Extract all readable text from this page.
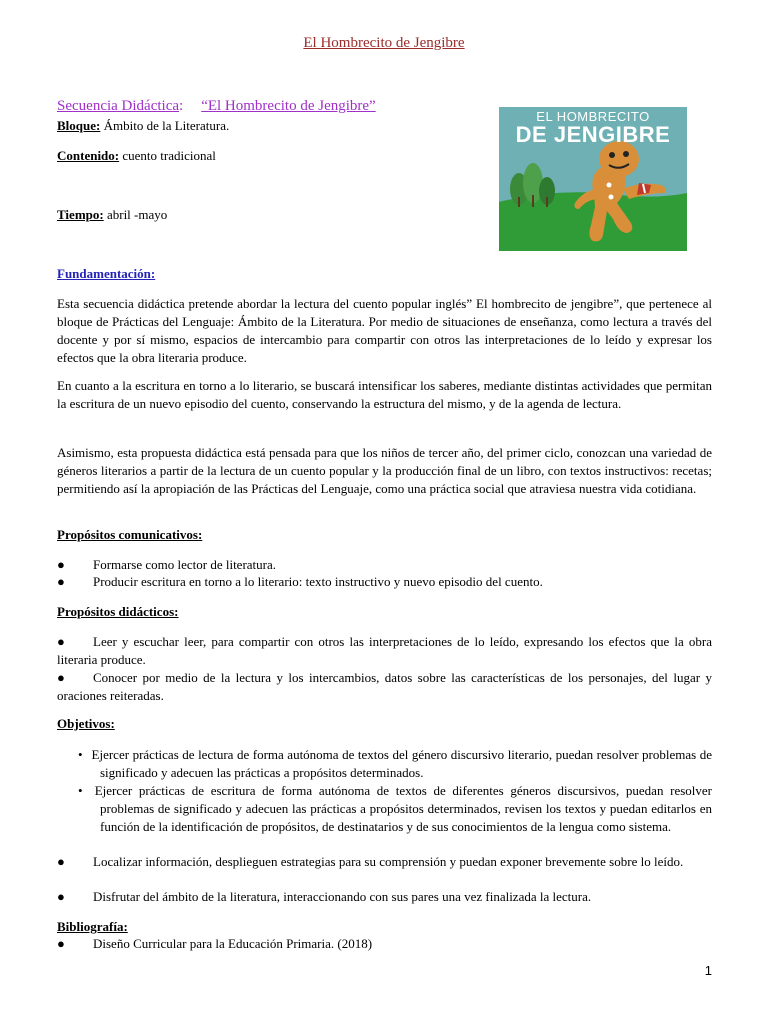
El Hombrecito de Jengibre
Secuencia Didáctica: “El Hombrecito de Jengibre”
Bloque: Ámbito de la Literatura.
Contenido: cuento tradicional
Tiempo: abril -mayo
EL HOMBRECITO
DE JENGIBRE
Fundamentación:
Esta secuencia didáctica pretende abordar la lectura del cuento popular inglés” El hombrecito de jengibre”, que pertenece al bloque de Prácticas del Lenguaje: Ámbito de la Literatura. Por medio de situaciones de enseñanza, como lectura a través del docente y por sí mismo, espacios de intercambio para compartir con otros las interpretaciones de lo leído y expresar los efectos que la obra literaria produce.
En cuanto a la escritura en torno a lo literario, se buscará intensificar los saberes, mediante distintas actividades que permitan la escritura de un nuevo episodio del cuento, conservando la estructura del mismo, y de la agenda de lectura.
Asimismo, esta propuesta didáctica está pensada para que los niños de tercer año, del primer ciclo, conozcan una variedad de géneros literarios a partir de la lectura de un cuento popular y la producción final de un libro, con textos instructivos: recetas; permitiendo así la apropiación de las Prácticas del Lenguaje, como una práctica social que atraviesa nuestra vida cotidiana.
Propósitos comunicativos:
● Formarse como lector de literatura.
● Producir escritura en torno a lo literario: texto instructivo y nuevo episodio del cuento.
Propósitos didácticos:
● Leer y escuchar leer, para compartir con otros las interpretaciones de lo leído, expresando los efectos que la obra literaria produce.
● Conocer por medio de la lectura y los intercambios, datos sobre las características de los personajes, del lugar y oraciones reiteradas.
Objetivos:
• Ejercer prácticas de lectura de forma autónoma de textos del género discursivo literario, puedan resolver problemas de significado y adecuen las prácticas a propósitos determinados.
• Ejercer prácticas de escritura de forma autónoma de textos de diferentes géneros discursivos, puedan resolver problemas de significado y adecuen las prácticas a propósitos determinados, revisen los textos y puedan editarlos en función de la identificación de propósitos, de destinatarios y de sus conocimientos de la lengua como sistema.
● Localizar información, desplieguen estrategias para su comprensión y puedan exponer brevemente sobre lo leído.
● Disfrutar del ámbito de la literatura, interaccionando con sus pares una vez finalizada la lectura.
Bibliografía:
● Diseño Curricular para la Educación Primaria. (2018)
1
